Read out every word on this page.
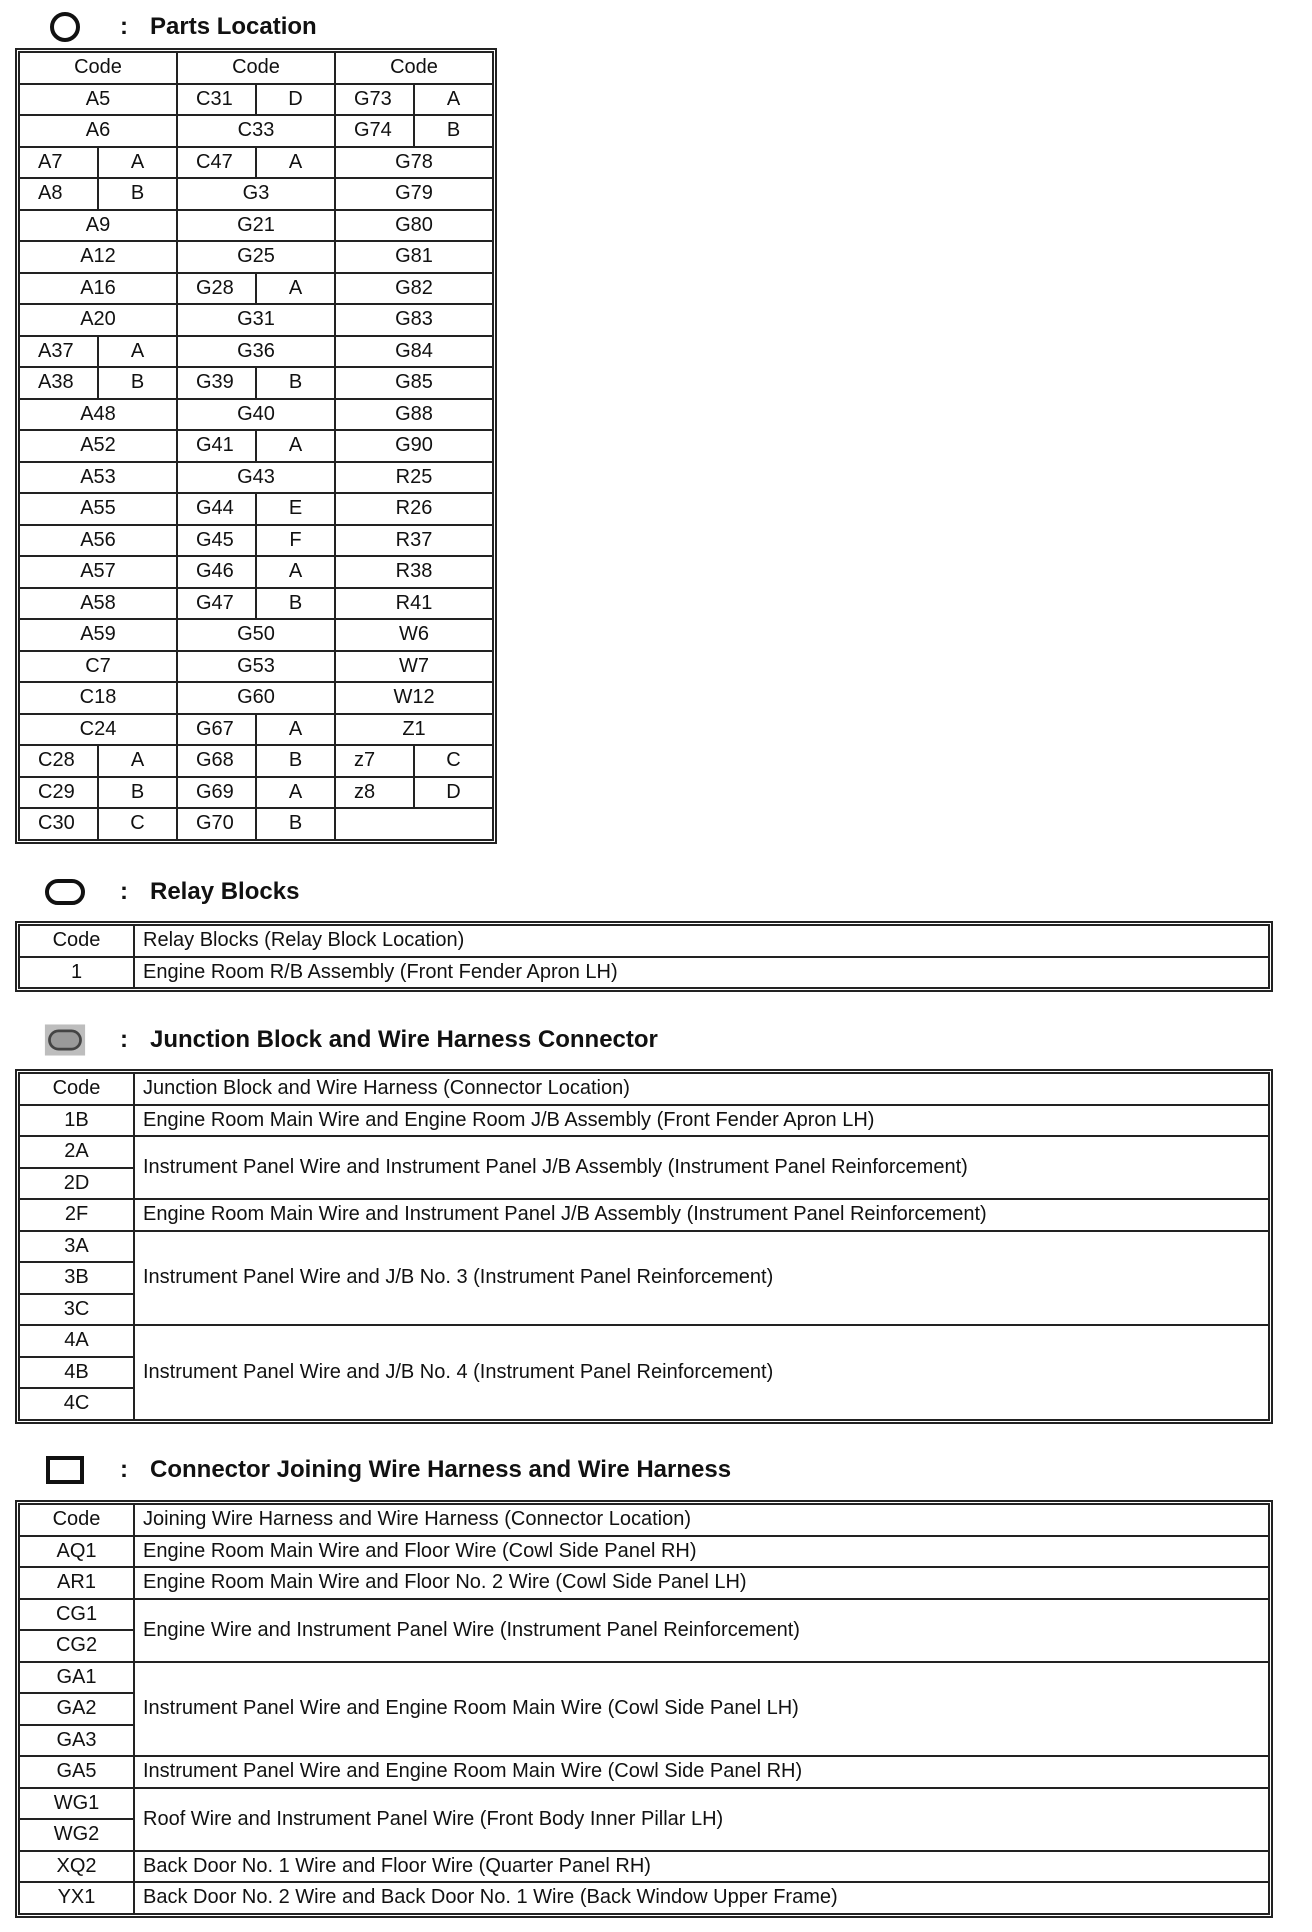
: Parts Location
Code		Code		Code	
A5		C31	D	G73	A
A6		C33		G74	B
A7	A	C47	A	G78	
A8	B	G3		G79	
A9		G21		G80	
A12		G25		G81	
A16		G28	A	G82	
A20		G31		G83	
A37	A	G36		G84	
A38	B	G39	B	G85	
A48		G40		G88	
A52		G41	A	G90	
A53		G43		R25	
A55		G44	E	R26	
A56		G45	F	R37	
A57		G46	A	R38	
A58		G47	B	R41	
A59		G50		W6	
C7		G53		W7	
C18		G60		W12	
C24		G67	A	Z1	
C28	A	G68	B	z7	C
C29	B	G69	A	z8	D
C30	C	G70	B		
: Relay Blocks
Code	Relay Blocks (Relay Block Location)
1	Engine Room R/B Assembly (Front Fender Apron LH)
: Junction Block and Wire Harness Connector
Code	Junction Block and Wire Harness (Connector Location)
1B	Engine Room Main Wire and Engine Room J/B Assembly (Front Fender Apron LH)
2A	Instrument Panel Wire and Instrument Panel J/B Assembly (Instrument Panel Reinforcement)
2D	
2F	Engine Room Main Wire and Instrument Panel J/B Assembly (Instrument Panel Reinforcement)
3A	Instrument Panel Wire and J/B No. 3 (Instrument Panel Reinforcement)
3B	
3C	
4A	Instrument Panel Wire and J/B No. 4 (Instrument Panel Reinforcement)
4B	
4C	
: Connector Joining Wire Harness and Wire Harness
Code	Joining Wire Harness and Wire Harness (Connector Location)
AQ1	Engine Room Main Wire and Floor Wire (Cowl Side Panel RH)
AR1	Engine Room Main Wire and Floor No. 2 Wire (Cowl Side Panel LH)
CG1	Engine Wire and Instrument Panel Wire (Instrument Panel Reinforcement)
CG2	
GA1	Instrument Panel Wire and Engine Room Main Wire (Cowl Side Panel LH)
GA2	
GA3	
GA5	Instrument Panel Wire and Engine Room Main Wire (Cowl Side Panel RH)
WG1	Roof Wire and Instrument Panel Wire (Front Body Inner Pillar LH)
WG2	
XQ2	Back Door No. 1 Wire and Floor Wire (Quarter Panel RH)
YX1	Back Door No. 2 Wire and Back Door No. 1 Wire (Back Window Upper Frame)
